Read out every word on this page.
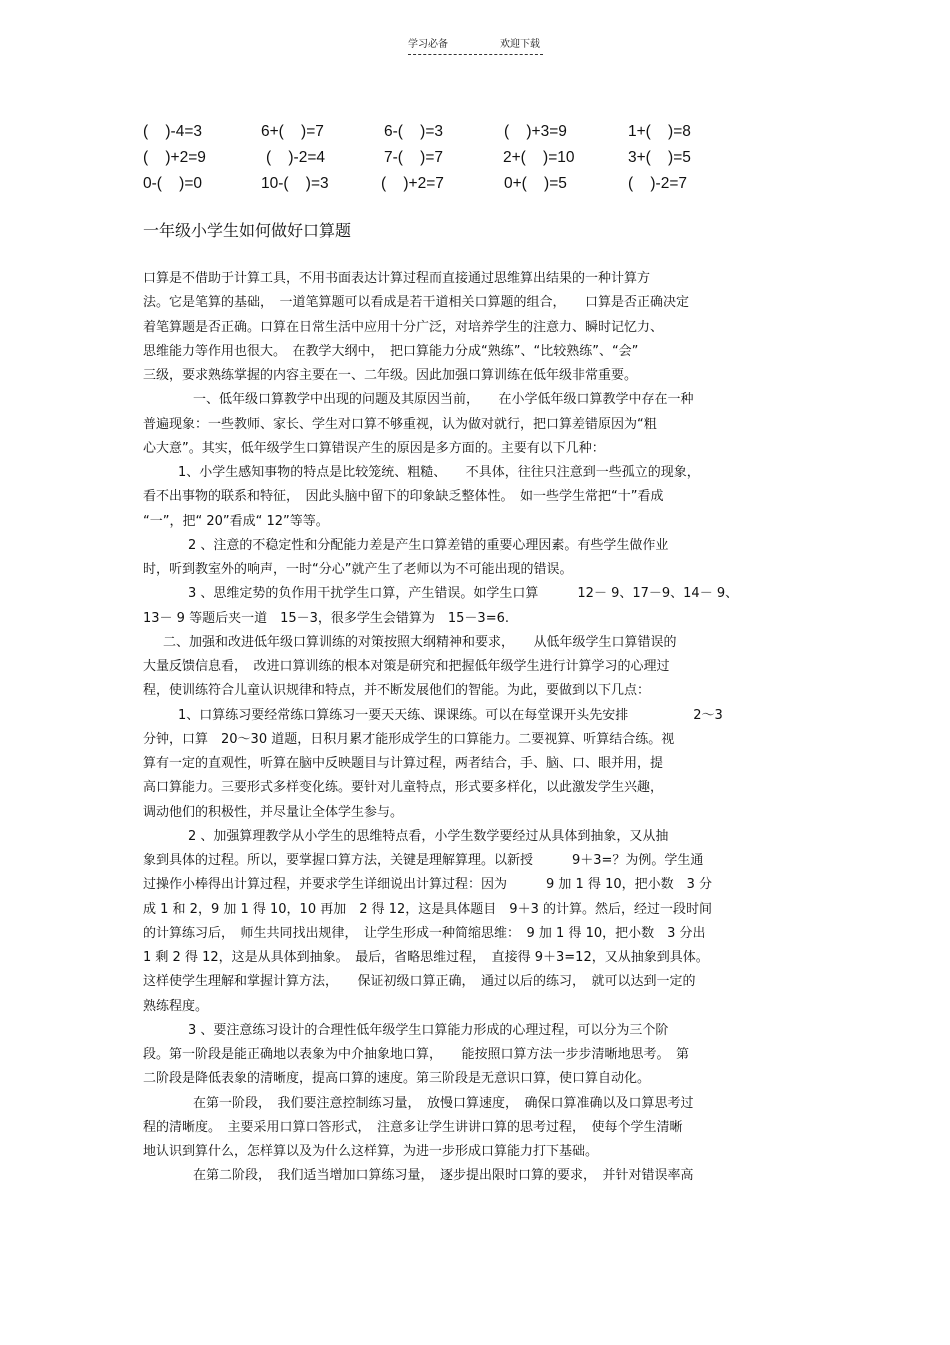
学习必备	欢迎下载
(    )-4=3	6+(    )=7	6-(    )=3	(    )+3=9	1+(    )=8
(    )+2=9	(    )-2=4	7-(    )=7	2+(    )=10	3+(    )=5
0-(    )=0	10-(    )=3	(    )+2=7	0+(    )=5	(    )-2=7
一年级小学生如何做好口算题

口算是不借助于计算工具，不用书面表达计算过程而直接通过思维算出结果的一种计算方

法。它是笔算的基础，　一道笔算题可以看成是若干道相关口算题的组合，　　口算是否正确决定

着笔算题是否正确。口算在日常生活中应用十分广泛，对培养学生的注意力、瞬时记忆力、

思维能力等作用也很大。　在教学大纲中，　把口算能力分成“熟练”、“比较熟练”、“会”

三级，要求熟练掌握的内容主要在一、二年级。因此加强口算训练在低年级非常重要。

一、低年级口算教学中出现的问题及其原因当前，　　在小学低年级口算教学中存在一种

普遍现象：一些教师、家长、学生对口算不够重视，认为做对就行，把口算差错原因为“粗

心大意”。其实，低年级学生口算错误产生的原因是多方面的。主要有以下几种：

1、小学生感知事物的特点是比较笼统、粗糙、　　不具体，往往只注意到一些孤立的现象，

看不出事物的联系和特征，　因此头脑中留下的印象缺乏整体性。　如一些学生常把“十”看成

“一”，把“ 20”看成“ 12”等等。

2 、注意的不稳定性和分配能力差是产生口算差错的重要心理因素。有些学生做作业

时，听到教室外的响声，一时“分心”就产生了老师以为不可能出现的错误。

3 、思维定势的负作用干扰学生口算，产生错误。如学生口算　　　12－ 9、17－9、14－ 9、

13－ 9 等题后夹一道　15－3，很多学生会错算为　15－3=6.

二、加强和改进低年级口算训练的对策按照大纲精神和要求，　　从低年级学生口算错误的

大量反馈信息看，　改进口算训练的根本对策是研究和把握低年级学生进行计算学习的心理过

程，使训练符合儿童认识规律和特点，并不断发展他们的智能。为此，要做到以下几点：

1、口算练习要经常练口算练习一要天天练、课课练。可以在每堂课开头先安排　　　　　2～3

分钟，口算　20～30 道题，日积月累才能形成学生的口算能力。二要视算、听算结合练。视

算有一定的直观性，听算在脑中反映题目与计算过程，两者结合，手、脑、口、眼并用，提

高口算能力。三要形式多样变化练。要针对儿童特点，形式要多样化，以此激发学生兴趣，

调动他们的积极性，并尽量让全体学生参与。

2 、加强算理教学从小学生的思维特点看，小学生数学要经过从具体到抽象，又从抽

象到具体的过程。所以，要掌握口算方法，关键是理解算理。以新授　　　9＋3=？为例。学生通

过操作小棒得出计算过程，并要求学生详细说出计算过程：因为　　　9 加 1 得 10，把小数　3 分

成 1 和 2，9 加 1 得 10，10 再加　2 得 12，这是具体题目　9＋3 的计算。然后，经过一段时间

的计算练习后，　师生共同找出规律，　让学生形成一种简缩思维：　9 加 1 得 10，把小数　3 分出

1 剩 2 得 12，这是从具体到抽象。　最后，省略思维过程，　直接得 9＋3=12，又从抽象到具体。

这样使学生理解和掌握计算方法，　　保证初级口算正确，　通过以后的练习，　就可以达到一定的

熟练程度。

3 、要注意练习设计的合理性低年级学生口算能力形成的心理过程，可以分为三个阶

段。第一阶段是能正确地以表象为中介抽象地口算，　　能按照口算方法一步步清晰地思考。　第

二阶段是降低表象的清晰度，提高口算的速度。第三阶段是无意识口算，使口算自动化。

在第一阶段，　我们要注意控制练习量，　放慢口算速度，　确保口算准确以及口算思考过

程的清晰度。　主要采用口算口答形式，　注意多让学生讲讲口算的思考过程，　使每个学生清晰

地认识到算什么，怎样算以及为什么这样算，为进一步形成口算能力打下基础。

在第二阶段，　我们适当增加口算练习量，　逐步提出限时口算的要求，　并针对错误率高
